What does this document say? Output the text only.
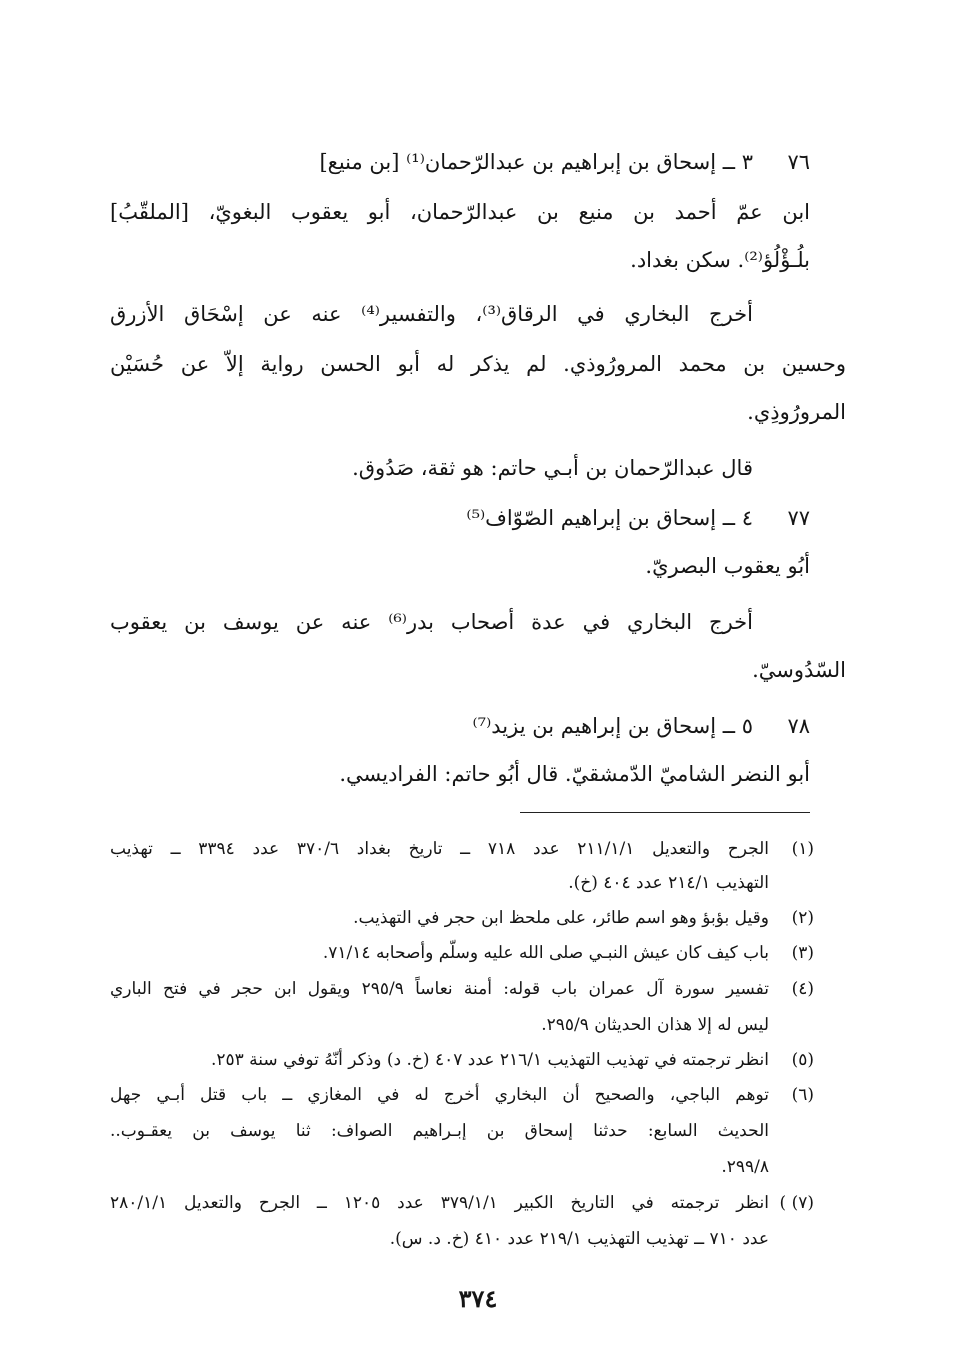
٧٦
٣ ــ إسحاق بن إبراهيم بن عبدالرّحمان⁽¹⁾ [بن منيع]
ابن عمّ أحمد بن منيع بن عبدالرّحمان، أبو يعقوب البغويّ، [الملقّبُ]
بلُـؤْلُؤ⁽²⁾. سكن بغداد.
أخرج البخاري في الرقاق⁽³⁾، والتفسير⁽⁴⁾ عنه عن إسْحَاق الأزرق
وحسين بن محمد المرورُوذي. لم يذكر له أبو الحسن رواية إلاّ عن حُسَيْن
المرورُوذِي.
قال عبدالرّحمان بن أبـي حاتم: هو ثقة، صَدُوق.
٧٧
٤ ــ إسحاق بن إبراهيم الصّوّاف⁽⁵⁾
أبُو يعقوب البصريّ.
أخرج البخاري في عدة أصحاب بدر⁽⁶⁾ عنه عن يوسف بن يعقوب
السّدُوسيّ.
٧٨
٥ ــ إسحاق بن إبراهيم بن يزيد⁽⁷⁾
أبو النضر الشاميّ الدّمشقيّ. قال أبُو حاتم: الفراديسي.
(١)
الجرح والتعديل ٢١١/١/١ عدد ٧١٨ ــ تاريخ بغداد ٣٧٠/٦ عدد ٣٣٩٤ ــ تهذيب
التهذيب ٢١٤/١ عدد ٤٠٤ (خ).
(٢)
وقيل بؤبؤ وهو اسم طائر، على ملحظ ابن حجر في التهذيب.
(٣)
باب كيف كان عيش النبـي صلى الله عليه وسلّم وأصحابه ٧١/١٤.
(٤)
تفسير سورة آل عمران باب قوله: أمنة نعاساً ٢٩٥/٩ ويقول ابن حجر في فتح الباري
ليس له إلا هذان الحديثان ٢٩٥/٩.
(٥)
انظر ترجمته في تهذيب التهذيب ٢١٦/١ عدد ٤٠٧ (خ. د) وذكر أنّهُ توفي سنة ٢٥٣.
(٦)
توهم الباجي، والصحيح أن البخاري أخرج له في المغازي ــ باب قتل أبـي جهل
الحديث السابع: حدثنا إسحاق بن إبـراهيم الصواف: ثنا يوسف بن يعقـوب..
٢٩٩/٨.
(٧) )
انظر ترجمته في التاريخ الكبير ٣٧٩/١/١ عدد ١٢٠٥ ــ الجرح والتعديل ٢٨٠/١/١
عدد ٧١٠ ــ تهذيب التهذيب ٢١٩/١ عدد ٤١٠ (خ. د. س).
٣٧٤
